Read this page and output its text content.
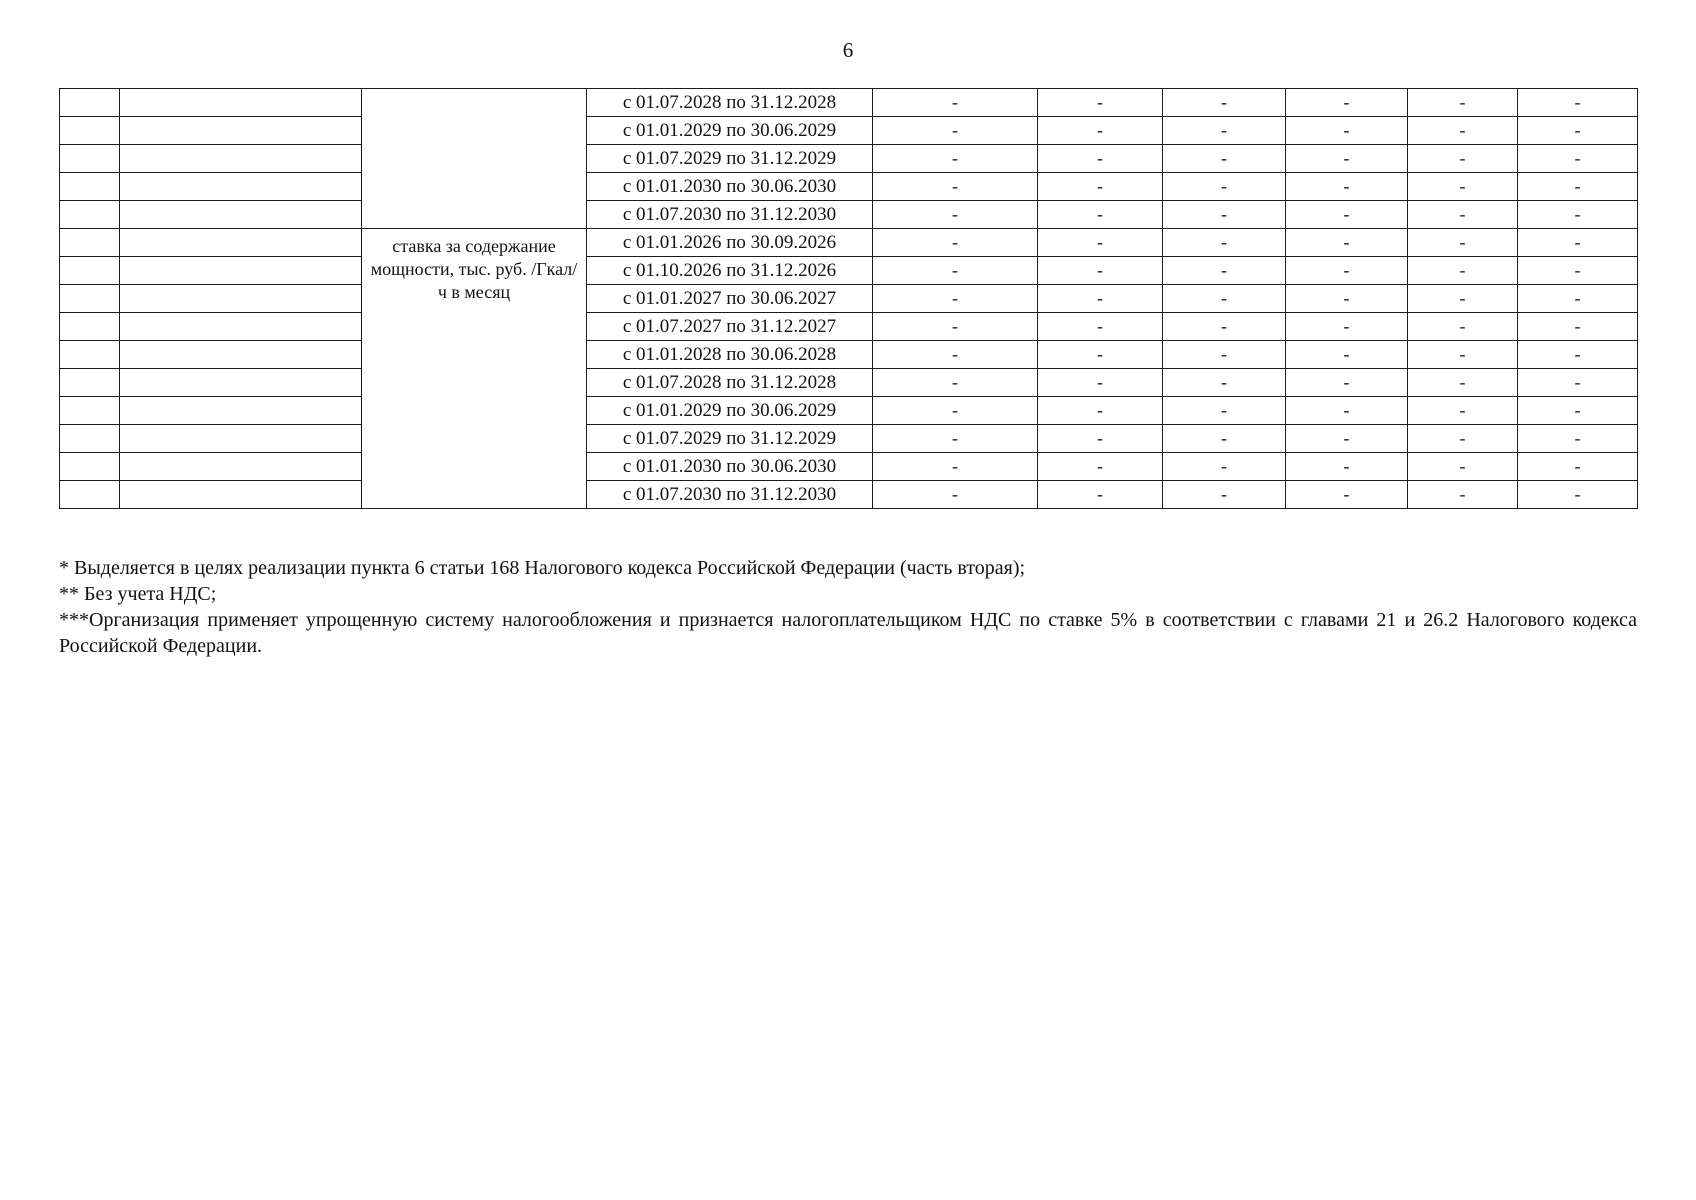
6
			с 01.07.2028 по 31.12.2028	-	-	-	-	-	-
			с 01.01.2029 по 30.06.2029	-	-	-	-	-	-
			с 01.07.2029 по 31.12.2029	-	-	-	-	-	-
			с 01.01.2030 по 30.06.2030	-	-	-	-	-	-
			с 01.07.2030 по 31.12.2030	-	-	-	-	-	-
		ставка за содержание мощности, тыс. руб. /Гкал/ч в месяц	с 01.01.2026 по 30.09.2026	-	-	-	-	-	-
			с 01.10.2026 по 31.12.2026	-	-	-	-	-	-
			с 01.01.2027 по 30.06.2027	-	-	-	-	-	-
			с 01.07.2027 по 31.12.2027	-	-	-	-	-	-
			с 01.01.2028 по 30.06.2028	-	-	-	-	-	-
			с 01.07.2028 по 31.12.2028	-	-	-	-	-	-
			с 01.01.2029 по 30.06.2029	-	-	-	-	-	-
			с 01.07.2029 по 31.12.2029	-	-	-	-	-	-
			с 01.01.2030 по 30.06.2030	-	-	-	-	-	-
			с 01.07.2030 по 31.12.2030	-	-	-	-	-	-

* Выделяется в целях реализации пункта 6 статьи 168 Налогового кодекса Российской Федерации (часть вторая);

** Без учета НДС;

***Организация применяет упрощенную систему налогообложения и признается налогоплательщиком НДС по ставке 5% в соответствии с главами 21 и 26.2 Налогового кодекса Российской Федерации.
